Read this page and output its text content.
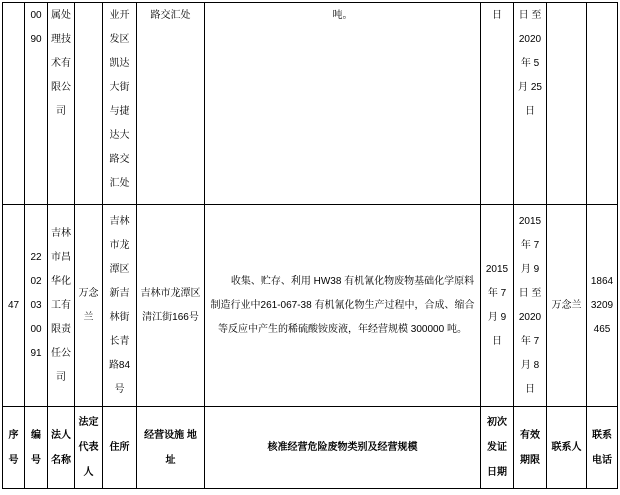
	00 90	属处理技术有限公司		业开发区凯达大街与捷达大路交汇处	路交汇处	吨。	日	日 至 2020 年 5 月 25 日		
47	22 02 03 00 91	吉林市昌华化工有限责任公司	万念兰	吉林市龙潭区新吉林街长青路84号	吉林市龙潭区清江街166号	收集、贮存、利用 HW38 有机氰化物废物基础化学原料制造行业中261-067-38 有机氰化物生产过程中，合成、缩合等反应中产生的稀硫酸铵废液，年经营规模 300000 吨。	2015 年 7 月 9 日	2015 年 7 月 9 日 至 2020 年 7 月 8 日	万念兰	1864 3209 465
序号	编号	法人名称	法定代表人	住所	经营设施 地址	核准经营危险废物类别及经营规模	初次发证日期	有效期限	联系人	联系电话
